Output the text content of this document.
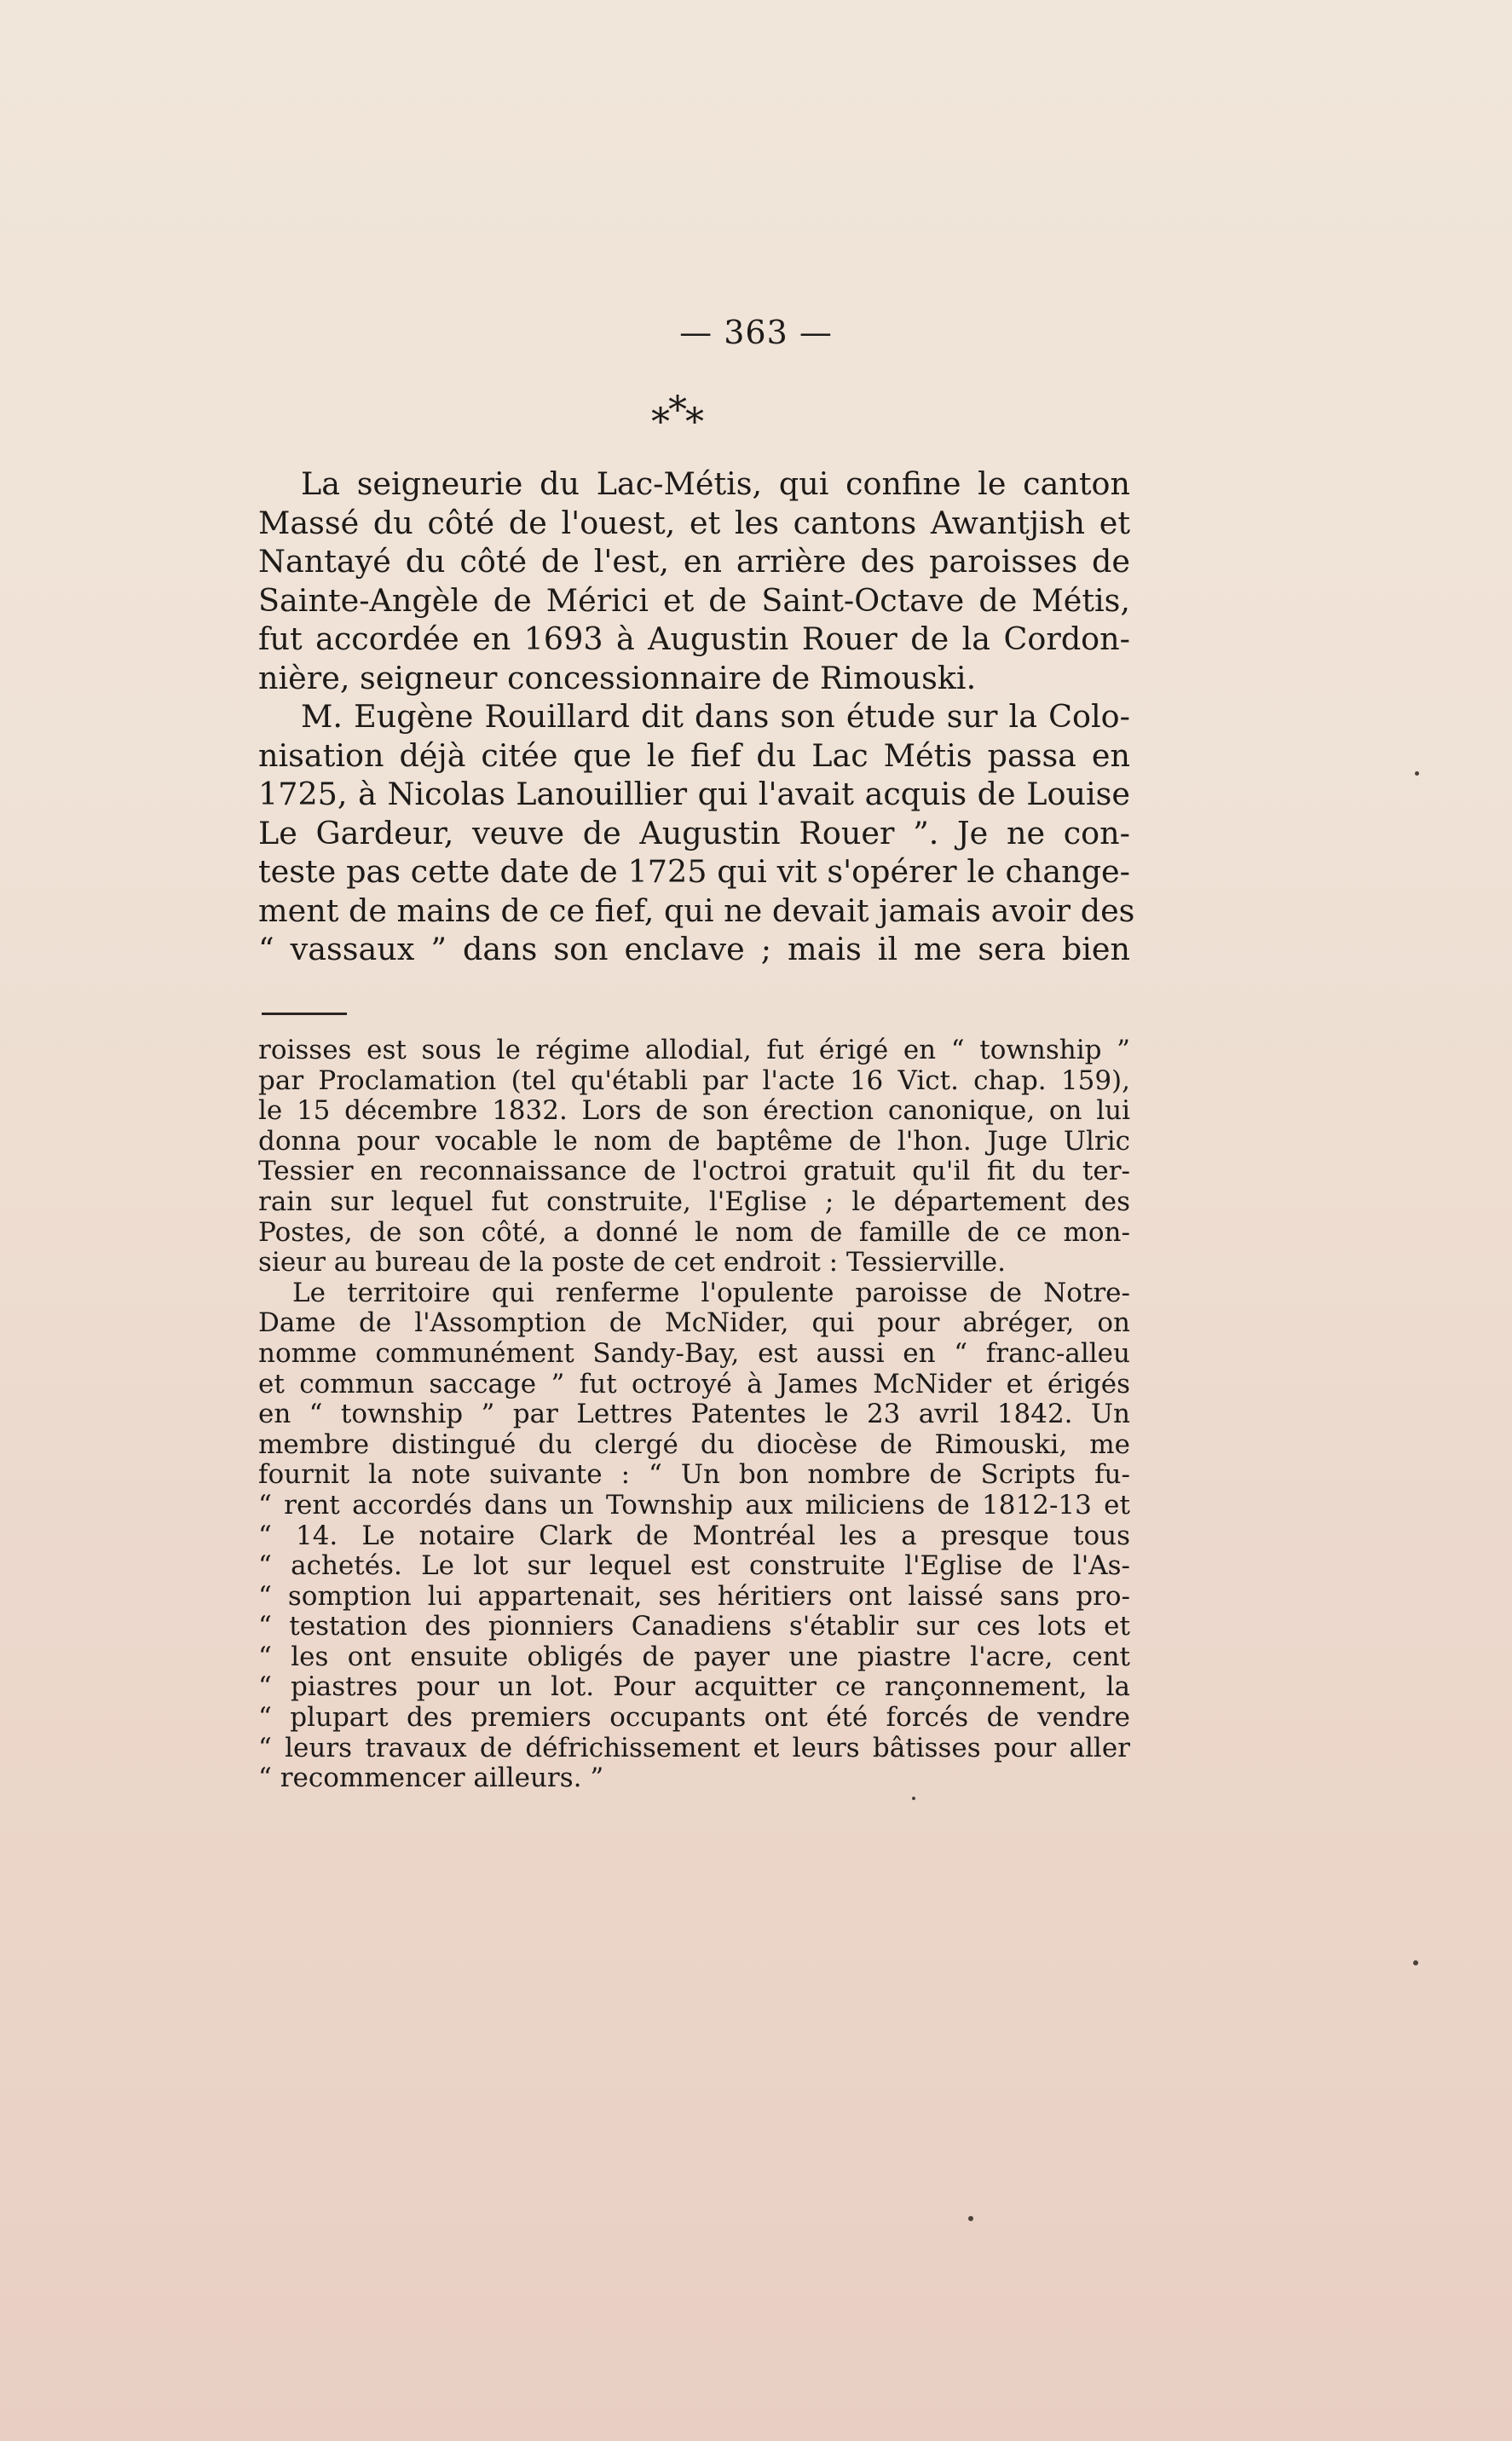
— 363 —
*
*
*
La seigneurie du Lac-Métis, qui confine le canton
Massé du côté de l'ouest, et les cantons Awantjish et
Nantayé du côté de l'est, en arrière des paroisses de
Sainte-Angèle de Mérici et de Saint-Octave de Métis,
fut accordée en 1693 à Augustin Rouer de la Cordon-
nière, seigneur concessionnaire de Rimouski.
M. Eugène Rouillard dit dans son étude sur la Colo-
nisation déjà citée que le fief du Lac Métis passa en
1725, à Nicolas Lanouillier qui l'avait acquis de Louise
Le Gardeur, veuve de Augustin Rouer ”. Je ne con-
teste pas cette date de 1725 qui vit s'opérer le change-
ment de mains de ce fief, qui ne devait jamais avoir des
“ vassaux ” dans son enclave ; mais il me sera bien
roisses est sous le régime allodial, fut érigé en “ township ”
par Proclamation (tel qu'établi par l'acte 16 Vict. chap. 159),
le 15 décembre 1832. Lors de son érection canonique, on lui
donna pour vocable le nom de baptême de l'hon. Juge Ulric
Tessier en reconnaissance de l'octroi gratuit qu'il fit du ter-
rain sur lequel fut construite, l'Eglise ; le département des
Postes, de son côté, a donné le nom de famille de ce mon-
sieur au bureau de la poste de cet endroit : Tessierville.
Le territoire qui renferme l'opulente paroisse de Notre-
Dame de l'Assomption de McNider, qui pour abréger, on
nomme communément Sandy-Bay, est aussi en “ franc-alleu
et commun saccage ” fut octroyé à James McNider et érigés
en “ township ” par Lettres Patentes le 23 avril 1842. Un
membre distingué du clergé du diocèse de Rimouski, me
fournit la note suivante : “ Un bon nombre de Scripts fu-
“ rent accordés dans un Township aux miliciens de 1812-13 et
“ 14. Le notaire Clark de Montréal les a presque tous
“ achetés. Le lot sur lequel est construite l'Eglise de l'As-
“ somption lui appartenait, ses héritiers ont laissé sans pro-
“ testation des pionniers Canadiens s'établir sur ces lots et
“ les ont ensuite obligés de payer une piastre l'acre, cent
“ piastres pour un lot. Pour acquitter ce rançonnement, la
“ plupart des premiers occupants ont été forcés de vendre
“ leurs travaux de défrichissement et leurs bâtisses pour aller
“ recommencer ailleurs. ”
